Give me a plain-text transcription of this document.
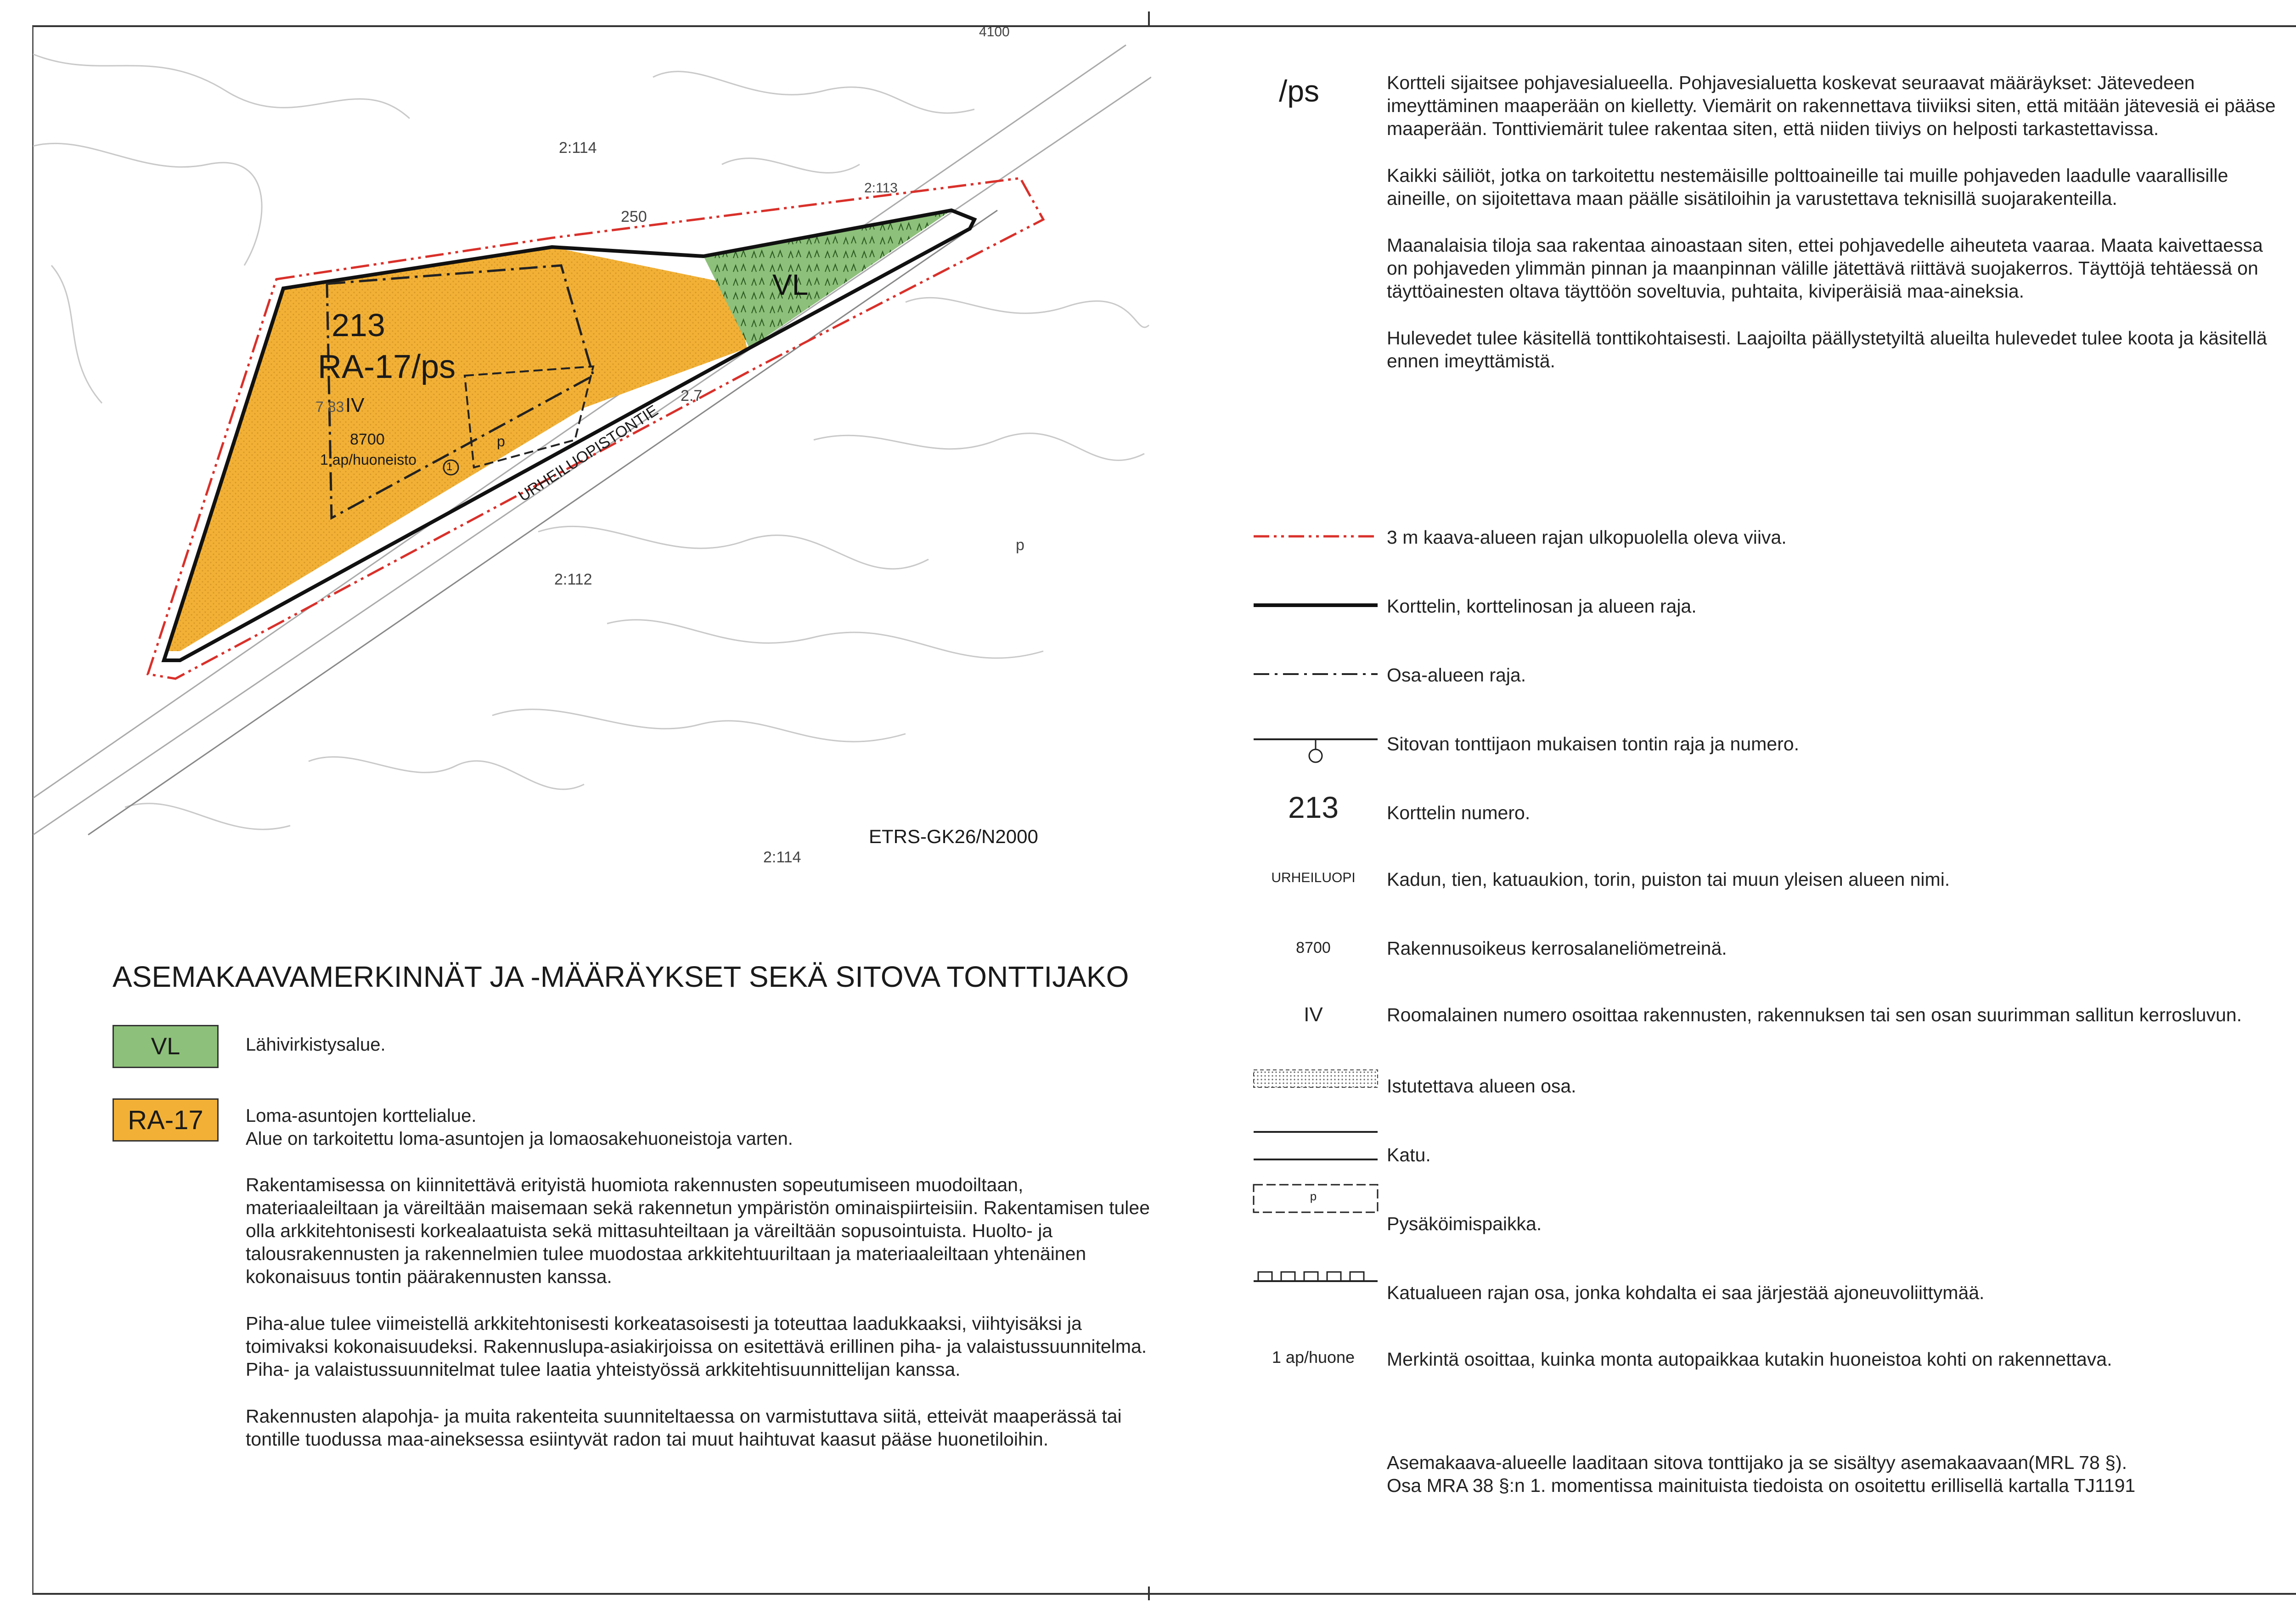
p
213
RA-17/ps
7 83 IV
8700
1 ap/huoneisto
p
1
VL
URHEILUOPISTONTIE
2:114
2:113
2:112
2:114
250
2.7
4100
ETRS-GK26/N2000
ASEMAKAAVAMERKINNÄT JA -MÄÄRÄYKSET SEKÄ SITOVA TONTTIJAKO
VL	Lähivirkistysalue.
RA-17 Loma-asuntojen korttelialue.
Alue on tarkoitettu loma-asuntojen ja lomaosakehuoneistoja varten.

Rakentamisessa on kiinnitettävä erityistä huomiota rakennusten sopeutumiseen muodoiltaan, materiaaleiltaan ja väreiltään maisemaan sekä rakennetun ympäristön ominaispiirteisiin. Rakentamisen tulee olla arkkitehtonisesti korkealaatuista sekä mittasuhteiltaan ja väreiltään sopusointuista. Huolto- ja talousrakennusten ja rakennelmien tulee muodostaa arkkitehtuuriltaan ja materiaaleiltaan yhtenäinen kokonaisuus tontin päärakennusten kanssa.

Piha-alue tulee viimeistellä arkkitehtonisesti korkeatasoisesti ja toteuttaa laadukkaaksi, viihtyisäksi ja toimivaksi kokonaisuudeksi. Rakennuslupa-asiakirjoissa on esitettävä erillinen piha- ja valaistussuunnitelma. Piha- ja valaistussuunnitelmat tulee laatia yhteistyössä arkkitehtisuunnittelijan kanssa.

Rakennusten alapohja- ja muita rakenteita suunniteltaessa on varmistuttava siitä, etteivät maaperässä tai tontille tuodussa maa-aineksessa esiintyvät radon tai muut haihtuvat kaasut pääse huonetiloihin.

/ps	Kortteli sijaitsee pohjavesialueella. Pohjavesialuetta koskevat seuraavat määräykset: Jätevedeen imeyttäminen maaperään on kielletty. Viemärit on rakennettava tiiviiksi siten, että mitään jätevesiä ei pääse maaperään. Tonttiviemärit tulee rakentaa siten, että niiden tiiviys on helposti tarkastettavissa.

Kaikki säiliöt, jotka on tarkoitettu nestemäisille polttoaineille tai muille pohjaveden laadulle vaarallisille aineille, on sijoitettava maan päälle sisätiloihin ja varustettava teknisillä suojarakenteilla.

Maanalaisia tiloja saa rakentaa ainoastaan siten, ettei pohjavedelle aiheuteta vaaraa. Maata kaivettaessa on pohjaveden ylimmän pinnan ja maanpinnan välille jätettävä riittävä suojakerros. Täyttöjä tehtäessä on täyttöainesten oltava täyttöön soveltuvia, puhtaita, kiviperäisiä maa-aineksia.

Hulevedet tulee käsitellä tonttikohtaisesti. Laajoilta päällystetyiltä alueilta hulevedet tulee koota ja käsitellä ennen imeyttämistä.

213
URHEILUOPI
8700
IV
p
1 ap/huone
3 m kaava-alueen rajan ulkopuolella oleva viiva.
Korttelin, korttelinosan ja alueen raja.
Osa-alueen raja.
Sitovan tonttijaon mukaisen tontin raja ja numero.
Korttelin numero.
Kadun, tien, katuaukion, torin, puiston tai muun yleisen alueen nimi.
Rakennusoikeus kerrosalaneliömetreinä.
Roomalainen numero osoittaa rakennusten, rakennuksen tai sen osan suurimman sallitun kerrosluvun.
Istutettava alueen osa.
Katu.
Pysäköimispaikka.
Katualueen rajan osa, jonka kohdalta ei saa järjestää ajoneuvoliittymää.
Merkintä osoittaa, kuinka monta autopaikkaa kutakin huoneistoa kohti on rakennettava.
Asemakaava-alueelle laaditaan sitova tonttijako ja se sisältyy asemakaavaan(MRL 78 §).
Osa MRA 38 §:n 1. momentissa mainituista tiedoista on osoitettu erillisellä kartalla TJ1191
